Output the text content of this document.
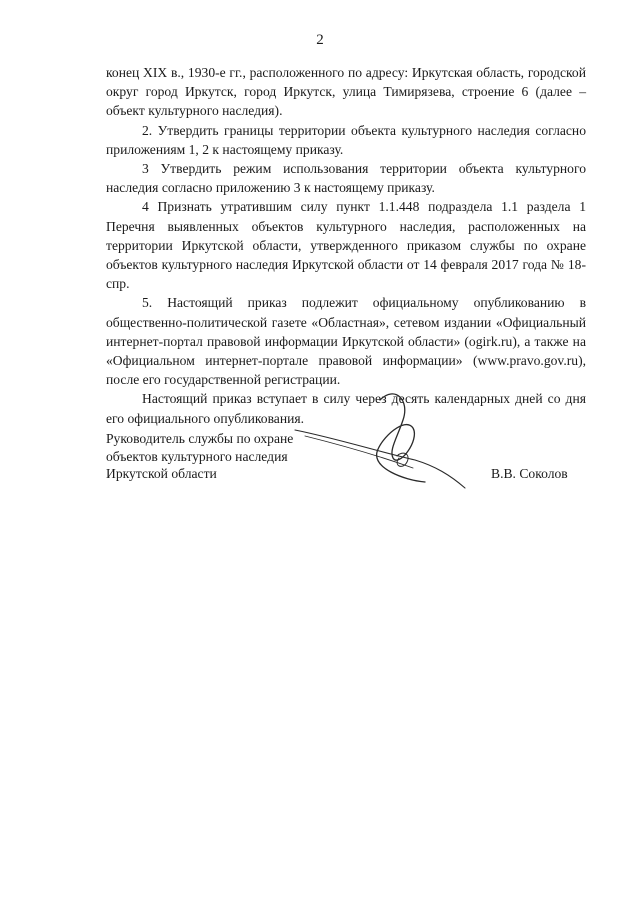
2

конец XIX в., 1930-е гг., расположенного по адресу: Иркутская область, городской округ город Иркутск, город Иркутск, улица Тимирязева, строение 6 (далее – объект культурного наследия).

2. Утвердить границы территории объекта культурного наследия согласно приложениям 1, 2 к настоящему приказу.

3 Утвердить режим использования территории объекта культурного наследия согласно приложению 3 к настоящему приказу.

4 Признать утратившим силу пункт 1.1.448 подраздела 1.1 раздела 1 Перечня выявленных объектов культурного наследия, расположенных на территории Иркутской области, утвержденного приказом службы по охране объектов культурного наследия Иркутской области от 14 февраля 2017 года № 18-спр.

5. Настоящий приказ подлежит официальному опубликованию в общественно-политической газете «Областная», сетевом издании «Официальный интернет-портал правовой информации Иркутской области» (ogirk.ru), а также на «Официальном интернет-портале правовой информации» (www.pravo.gov.ru), после его государственной регистрации.

Настоящий приказ вступает в силу через десять календарных дней со дня его официального опубликования.

Руководитель службы по охране
объектов культурного наследия
Иркутской области	В.В. Соколов
